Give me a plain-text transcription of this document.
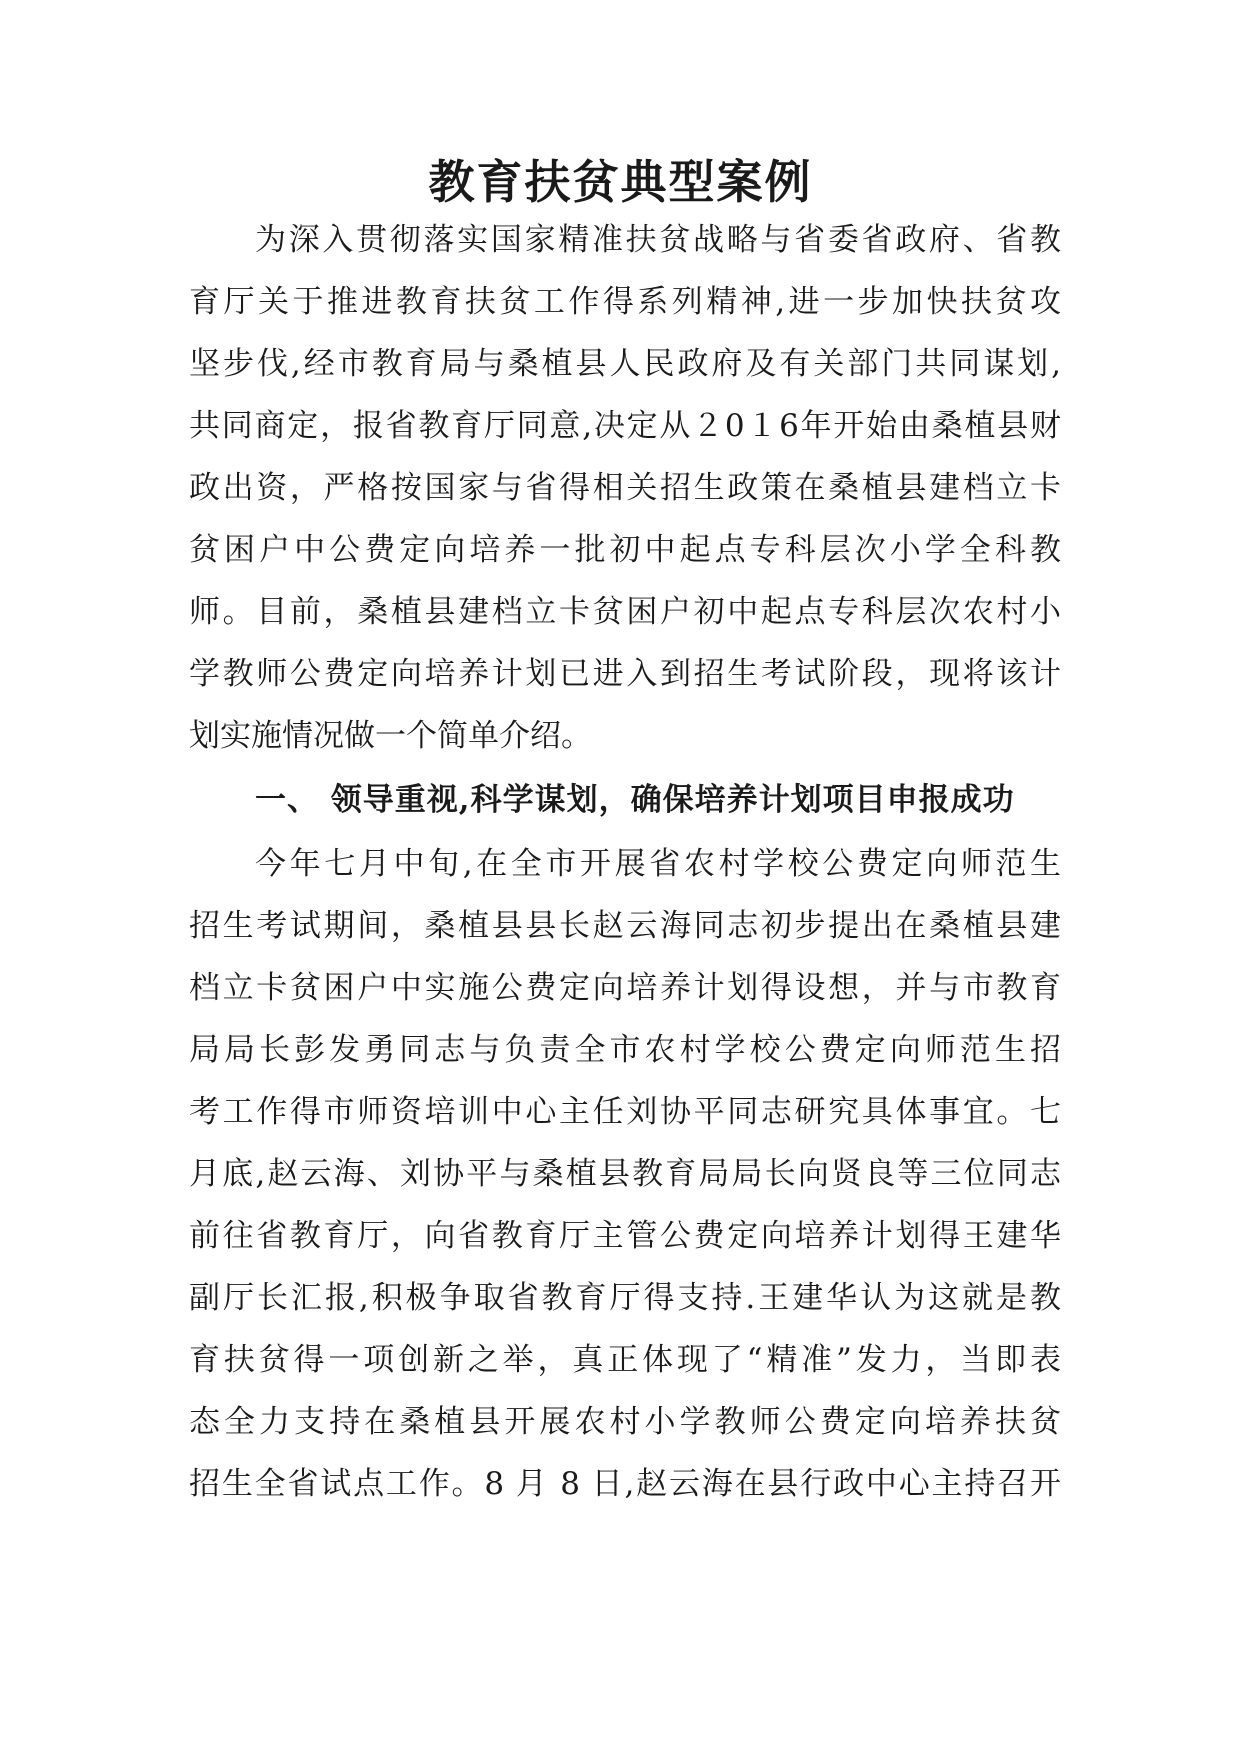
教育扶贫典型案例

为深入贯彻落实国家精准扶贫战略与省委省政府、省教

育厅关于推进教育扶贫工作得系列精神,进一步加快扶贫攻

坚步伐,经市教育局与桑植县人民政府及有关部门共同谋划,

共同商定，报省教育厅同意,决定从２0１6年开始由桑植县财

政出资，严格按国家与省得相关招生政策在桑植县建档立卡

贫困户中公费定向培养一批初中起点专科层次小学全科教

师。目前，桑植县建档立卡贫困户初中起点专科层次农村小

学教师公费定向培养计划已进入到招生考试阶段，现将该计

划实施情况做一个简单介绍。

一、 领导重视,科学谋划，确保培养计划项目申报成功

今年七月中旬,在全市开展省农村学校公费定向师范生

招生考试期间，桑植县县长赵云海同志初步提出在桑植县建

档立卡贫困户中实施公费定向培养计划得设想，并与市教育

局局长彭发勇同志与负责全市农村学校公费定向师范生招

考工作得市师资培训中心主任刘协平同志研究具体事宜。七

月底,赵云海、刘协平与桑植县教育局局长向贤良等三位同志

前往省教育厅，向省教育厅主管公费定向培养计划得王建华

副厅长汇报,积极争取省教育厅得支持.王建华认为这就是教

育扶贫得一项创新之举，真正体现了“精准”发力，当即表

态全力支持在桑植县开展农村小学教师公费定向培养扶贫

招生全省试点工作。8 月 8 日,赵云海在县行政中心主持召开
